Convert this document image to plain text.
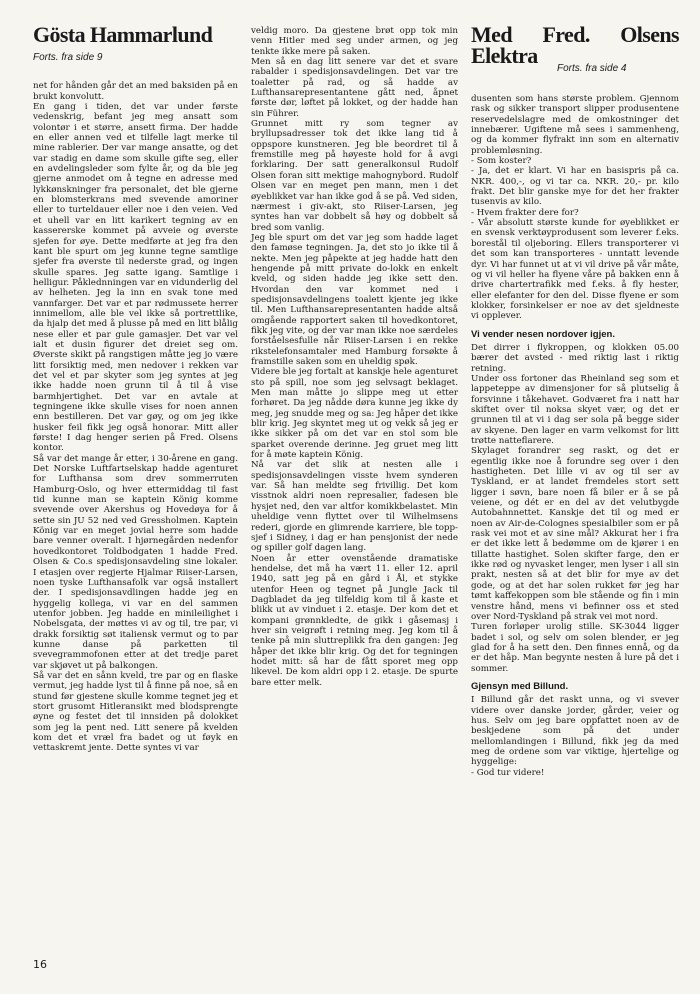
Gösta Hammarlund
Forts. fra side 9

net for hånden går det an med baksiden på en brukt konvolutt.

En gang i tiden, det var under første vedenskrig, befant jeg meg ansatt som volontør i et større, ansett firma. Der hadde en eller annen ved et tilfelle lagt merke til mine rablerier. Der var mange ansatte, og det var stadig en dame som skulle gifte seg, eller en avdelingsleder som fylte år, og da ble jeg gjerne anmodet om å tegne en adresse med lykkønskninger fra personalet, det ble gjerne en blomsterkrans med svevende amoriner eller to turteldauer eller noe i den veien. Ved et uhell var en litt karikert tegning av en kassererske kommet på avveie og øverste sjefen for øye. Dette medførte at jeg fra den kant ble spurt om jeg kunne tegne samtlige sjefer fra øverste til nederste grad, og ingen skulle spares. Jeg satte igang. Samtlige i helligur. Påklednningen var en vidunderlig del av helheten. Jeg la inn en svak tone med vannfarger. Det var et par rødmussete herrer innimellom, alle ble vel ikke så portrettlike, da hjalp det med å plusse på med en litt blålig nese eller et par gule gamasjer. Det var vel ialt et dusin figurer det dreiet seg om. Øverste skikt på rangstigen måtte jeg jo være litt forsiktig med, men nedover i rekken var det vel et par skyter som jeg syntes at jeg ikke hadde noen grunn til å til å vise barmhjertighet. Det var en avtale at tegningene ikke skulle vises for noen annen enn bestilleren. Det var gøy, og om jeg ikke husker feil fikk jeg også honorar. Mitt aller første! I dag henger serien på Fred. Olsens kontor.

Så var det mange år etter, i 30-årene en gang. Det Norske Luftfartselskap hadde agenturet for Lufthansa som drev sommerruten Hamburg-Oslo, og hver ettermiddag til fast tid kunne man se kaptein König komme svevende over Akershus og Hovedøya for å sette sin JU 52 ned ved Gressholmen. Kaptein König var en meget jovial herre som hadde bare venner overalt. I hjørnegården nedenfor hovedkontoret Toldbodgaten 1 hadde Fred. Olsen & Co.s spedisjonsavdeling sine lokaler. I etasjen over regjerte Hjalmar Riiser-Larsen, noen tyske Lufthansafolk var også installert der. I spedisjonsavdlingen hadde jeg en hyggelig kollega, vi var en del sammen utenfor jobben. Jeg hadde en minileilighet i Nobelsgata, der møttes vi av og til, tre par, vi drakk forsiktig søt italiensk vermut og to par kunne danse på parketten til svevegrammofonen etter at det tredje paret var skjøvet ut på balkongen.

Så var det en sånn kveld, tre par og en flaske vermut, jeg hadde lyst til å finne på noe, så en stund før gjestene skulle komme tegnet jeg et stort grusomt Hitleransikt med blodsprengte øyne og festet det til innsiden på dolokket som jeg la pent ned. Litt senere på kvelden kom det et vræl fra badet og ut føyk en vettaskremt jente. Dette syntes vi var

veldig moro. Da gjestene brøt opp tok min venn Hitler med seg under armen, og jeg tenkte ikke mere på saken.

Men så en dag litt senere var det et svare rabalder i spedisjonsavdelingen. Det var tre toaletter på rad, og så hadde av Lufthansarepresentantene gått ned, åpnet første dør, løftet på lokket, og der hadde han sin Führer.

Grunnet mitt ry som tegner av bryllupsadresser tok det ikke lang tid å oppspore kunstneren. Jeg ble beordret til å fremstille meg på høyeste hold for å avgi forklaring. Der satt generalkonsul Rudolf Olsen foran sitt mektige mahognybord. Rudolf Olsen var en meget pen mann, men i det øyeblikket var han ikke god å se på. Ved siden, nærmest i giv-akt, sto Riiser-Larsen, jeg syntes han var dobbelt så høy og dobbelt så bred som vanlig.

Jeg ble spurt om det var jeg som hadde laget den famøse tegningen. Ja, det sto jo ikke til å nekte. Men jeg påpekte at jeg hadde hatt den hengende på mitt private do-lokk en enkelt kveld, og siden hadde jeg ikke sett den. Hvordan den var kommet ned i spedisjonsavdelingens toalett kjente jeg ikke til. Men Lufthansarepresentanten hadde altså omgående rapportert saken til hovedkontoret, fikk jeg vite, og der var man ikke noe særdeles forståelsesfulle når Riiser-Larsen i en rekke rikstelefonsamtaler med Hamburg forsøkte å framstille saken som en uheldig spøk.

Videre ble jeg fortalt at kanskje hele agenturet sto på spill, noe som jeg selvsagt beklaget. Men man måtte jo slippe meg ut etter forhøret. Da jeg nådde døra kunne jeg ikke dy meg, jeg snudde meg og sa: Jeg håper det ikke blir krig. Jeg skyntet meg ut og vekk så jeg er ikke sikker på om det var en stol som ble sparket overende derinne. Jeg gruet meg litt for å møte kaptein König.

Nå var det slik at nesten alle i spedisjonsavdelingen visste hvem synderen var. Så han meldte seg frivillig. Det kom visstnok aldri noen represalier, fadesen ble hysjet ned, den var altfor komikkbelastet. Min uheldige venn flyttet over til Wilhelmsens rederi, gjorde en glimrende karriere, ble topp-sjef i Sidney, i dag er han pensjonist der nede og spiller golf dagen lang.

Noen år etter ovenstående dramatiske hendelse, det må ha vært 11. eller 12. april 1940, satt jeg på en gård i Ål, et stykke utenfor Heen og tegnet på Jungle Jack til Dagbladet da jeg tilfeldig kom til å kaste et blikk ut av vinduet i 2. etasje. Der kom det et kompani grønnkledte, de gikk i gåsemasj i hver sin veigrøft i retning meg. Jeg kom til å tenke på min sluttreplikk fra den gangen: Jeg håper det ikke blir krig. Og det for tegningen hodet mitt: så har de fått sporet meg opp likevel. De kom aldri opp i 2. etasje. De spurte bare etter melk.

Med Fred. Olsens Elektra
Forts. fra side 4

dusenten som hans største problem. Gjennom rask og sikker transport slipper produsentene reservedelslagre med de omkostninger det innebærer. Ugiftene må sees i sammenheng, og da kommer flyfrakt inn som en alternativ problemløsning.

- Som koster?

- Ja, det er klart. Vi har en basispris på ca. NKR. 400,-, og vi tar ca. NKR. 20,- pr. kilo frakt. Det blir ganske mye for det her frakter tusenvis av kilo.

- Hvem frakter dere for?

- Vår absolutt største kunde for øyeblikket er en svensk verktøyprodusent som leverer f.eks. borestål til oljeboring. Ellers transporterer vi det som kan transporteres - unntatt levende dyr. Vi har funnet ut at vi vil drive på vår måte, og vi vil heller ha flyene våre på bakken enn å drive chartertrafikk med f.eks. å fly hester, eller elefanter for den del. Disse flyene er som klokker, forsinkelser er noe av det sjeldneste vi opplever.

Vi vender nesen nordover igjen.

Det dirrer i flykroppen, og klokken 05.00 bærer det avsted - med riktig last i riktig retning.

Under oss fortoner das Rheinland seg som et lappeteppe av dimensjoner for så plutselig å forsvinne i tåkehavet. Godværet fra i natt har skiftet over til noksa skyet vær, og det er grunnen til at vi i dag ser sola på begge sider av skyene. Den lager en varm velkomst for litt trøtte natteflarere.

Skylaget forandrer seg raskt, og det er egentlig ikke noe å forundre seg over i den hastigheten. Det lille vi av og til ser av Tyskland, er at landet fremdeles stort sett ligger i søvn, bare noen få biler er å se på veiene, og dét er en del av det velutbygde Autobahnnettet. Kanskje det til og med er noen av Air-de-Colognes spesialbiler som er på rask vei mot et av sine mål? Akkurat her i fra er det ikke lett å bedømme om de kjører i en tillatte hastighet. Solen skifter farge, den er ikke rød og nyvasket lenger, men lyser i all sin prakt, nesten så at det blir for mye av det gode, og at det har solen rukket før jeg har tømt kaffekoppen som ble stående og fin i min venstre hånd, mens vi befinner oss et sted over Nord-Tyskland på strak vei mot nord.

Turen forløper urolig stille. SK-3044 ligger badet i sol, og selv om solen blender, er jeg glad for å ha sett den. Den finnes ennå, og da er det håp. Man begynte nesten å lure på det i sommer.

Gjensyn med Billund.

I Billund går det raskt unna, og vi svever videre over danske jorder, gårder, veier og hus. Selv om jeg bare oppfattet noen av de beskjedene som på det under mellomlandingen i Billund, fikk jeg da med meg de ordene som var viktige, hjertelige og hyggelige:

- God tur videre!

16
